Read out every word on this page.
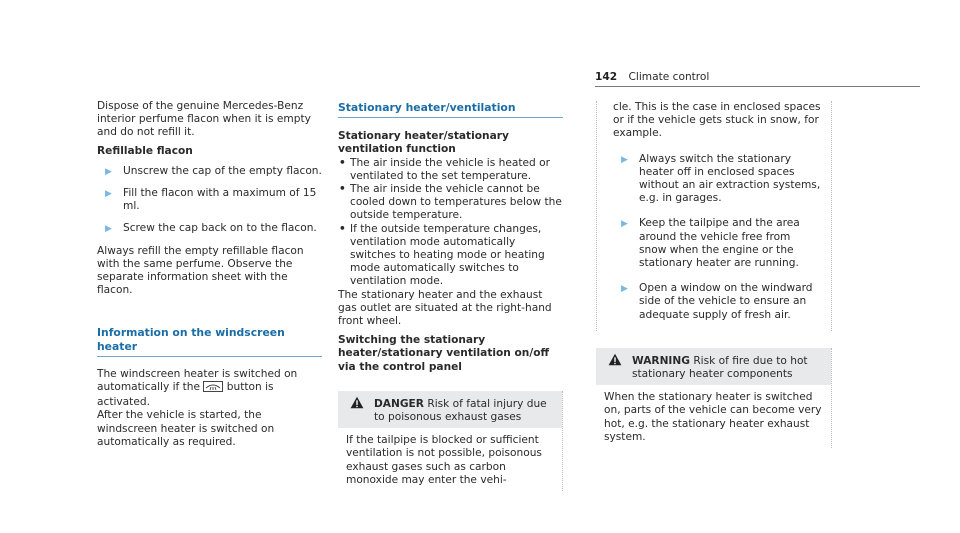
142 Climate control

Dispose of the genuine Mercedes-Benz interior perfume flacon when it is empty and do not refill it.

Refillable flacon

▶ Unscrew the cap of the empty flacon.
▶ Fill the flacon with a maximum of 15 ml.
▶ Screw the cap back on to the flacon.

Always refill the empty refillable flacon with the same perfume. Observe the separate information sheet with the flacon.

Information on the windscreen heater

The windscreen heater is switched on automatically if the	button is activated.

After the vehicle is started, the windscreen heater is switched on automatically as required.

Stationary heater/ventilation

Stationary heater/stationary ventilation function

• The air inside the vehicle is heated or ventilated to the set temperature.
• The air inside the vehicle cannot be cooled down to temperatures below the outside temperature.
• If the outside temperature changes, ventilation mode automatically switches to heating mode or heating mode automatically switches to ventilation mode.

The stationary heater and the exhaust gas outlet are situated at the right-hand front wheel.

Switching the stationary heater/stationary ventilation on/off via the control panel

DANGER Risk of fatal injury due to poisonous exhaust gases
If the tailpipe is blocked or sufficient ventilation is not possible, poisonous exhaust gases such as carbon monoxide may enter the vehi-

cle. This is the case in enclosed spaces or if the vehicle gets stuck in snow, for example.

▶ Always switch the stationary heater off in enclosed spaces without an air extraction systems, e.g. in garages.
▶ Keep the tailpipe and the area around the vehicle free from snow when the engine or the stationary heater are running.
▶ Open a window on the windward side of the vehicle to ensure an adequate supply of fresh air.
WARNING Risk of fire due to hot stationary heater components
When the stationary heater is switched on, parts of the vehicle can become very hot, e.g. the stationary heater exhaust system.
